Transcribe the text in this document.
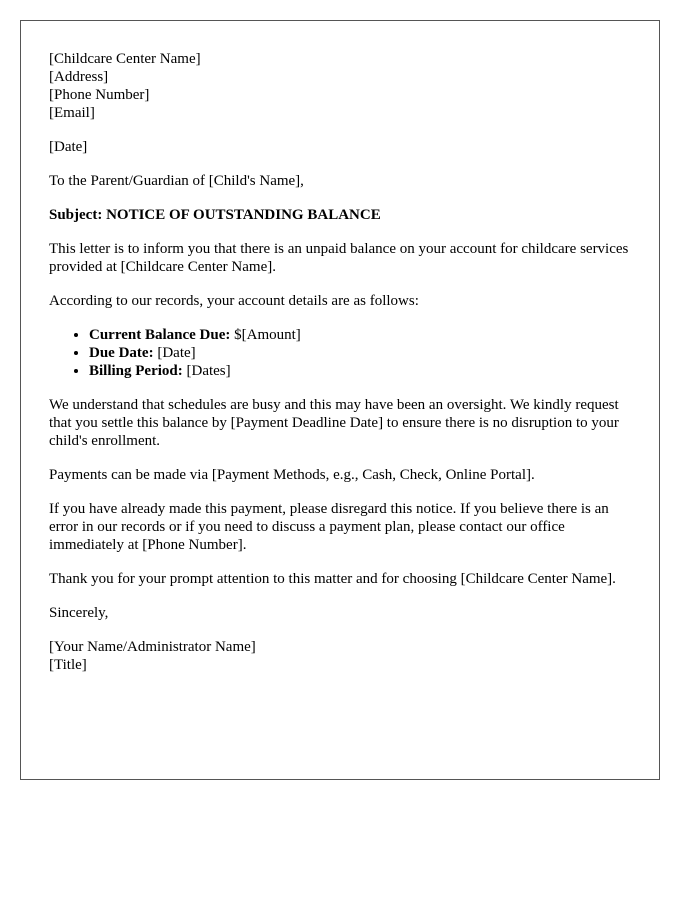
[Childcare Center Name]
[Address]
[Phone Number]
[Email]

[Date]

To the Parent/Guardian of [Child's Name],

Subject: NOTICE OF OUTSTANDING BALANCE

This letter is to inform you that there is an unpaid balance on your account for childcare services provided at [Childcare Center Name].

According to our records, your account details are as follows:

• Current Balance Due: $[Amount]
• Due Date: [Date]
• Billing Period: [Dates]

We understand that schedules are busy and this may have been an oversight. We kindly request that you settle this balance by [Payment Deadline Date] to ensure there is no disruption to your child's enrollment.

Payments can be made via [Payment Methods, e.g., Cash, Check, Online Portal].

If you have already made this payment, please disregard this notice. If you believe there is an error in our records or if you need to discuss a payment plan, please contact our office immediately at [Phone Number].

Thank you for your prompt attention to this matter and for choosing [Childcare Center Name].

Sincerely,

[Your Name/Administrator Name]
[Title]
